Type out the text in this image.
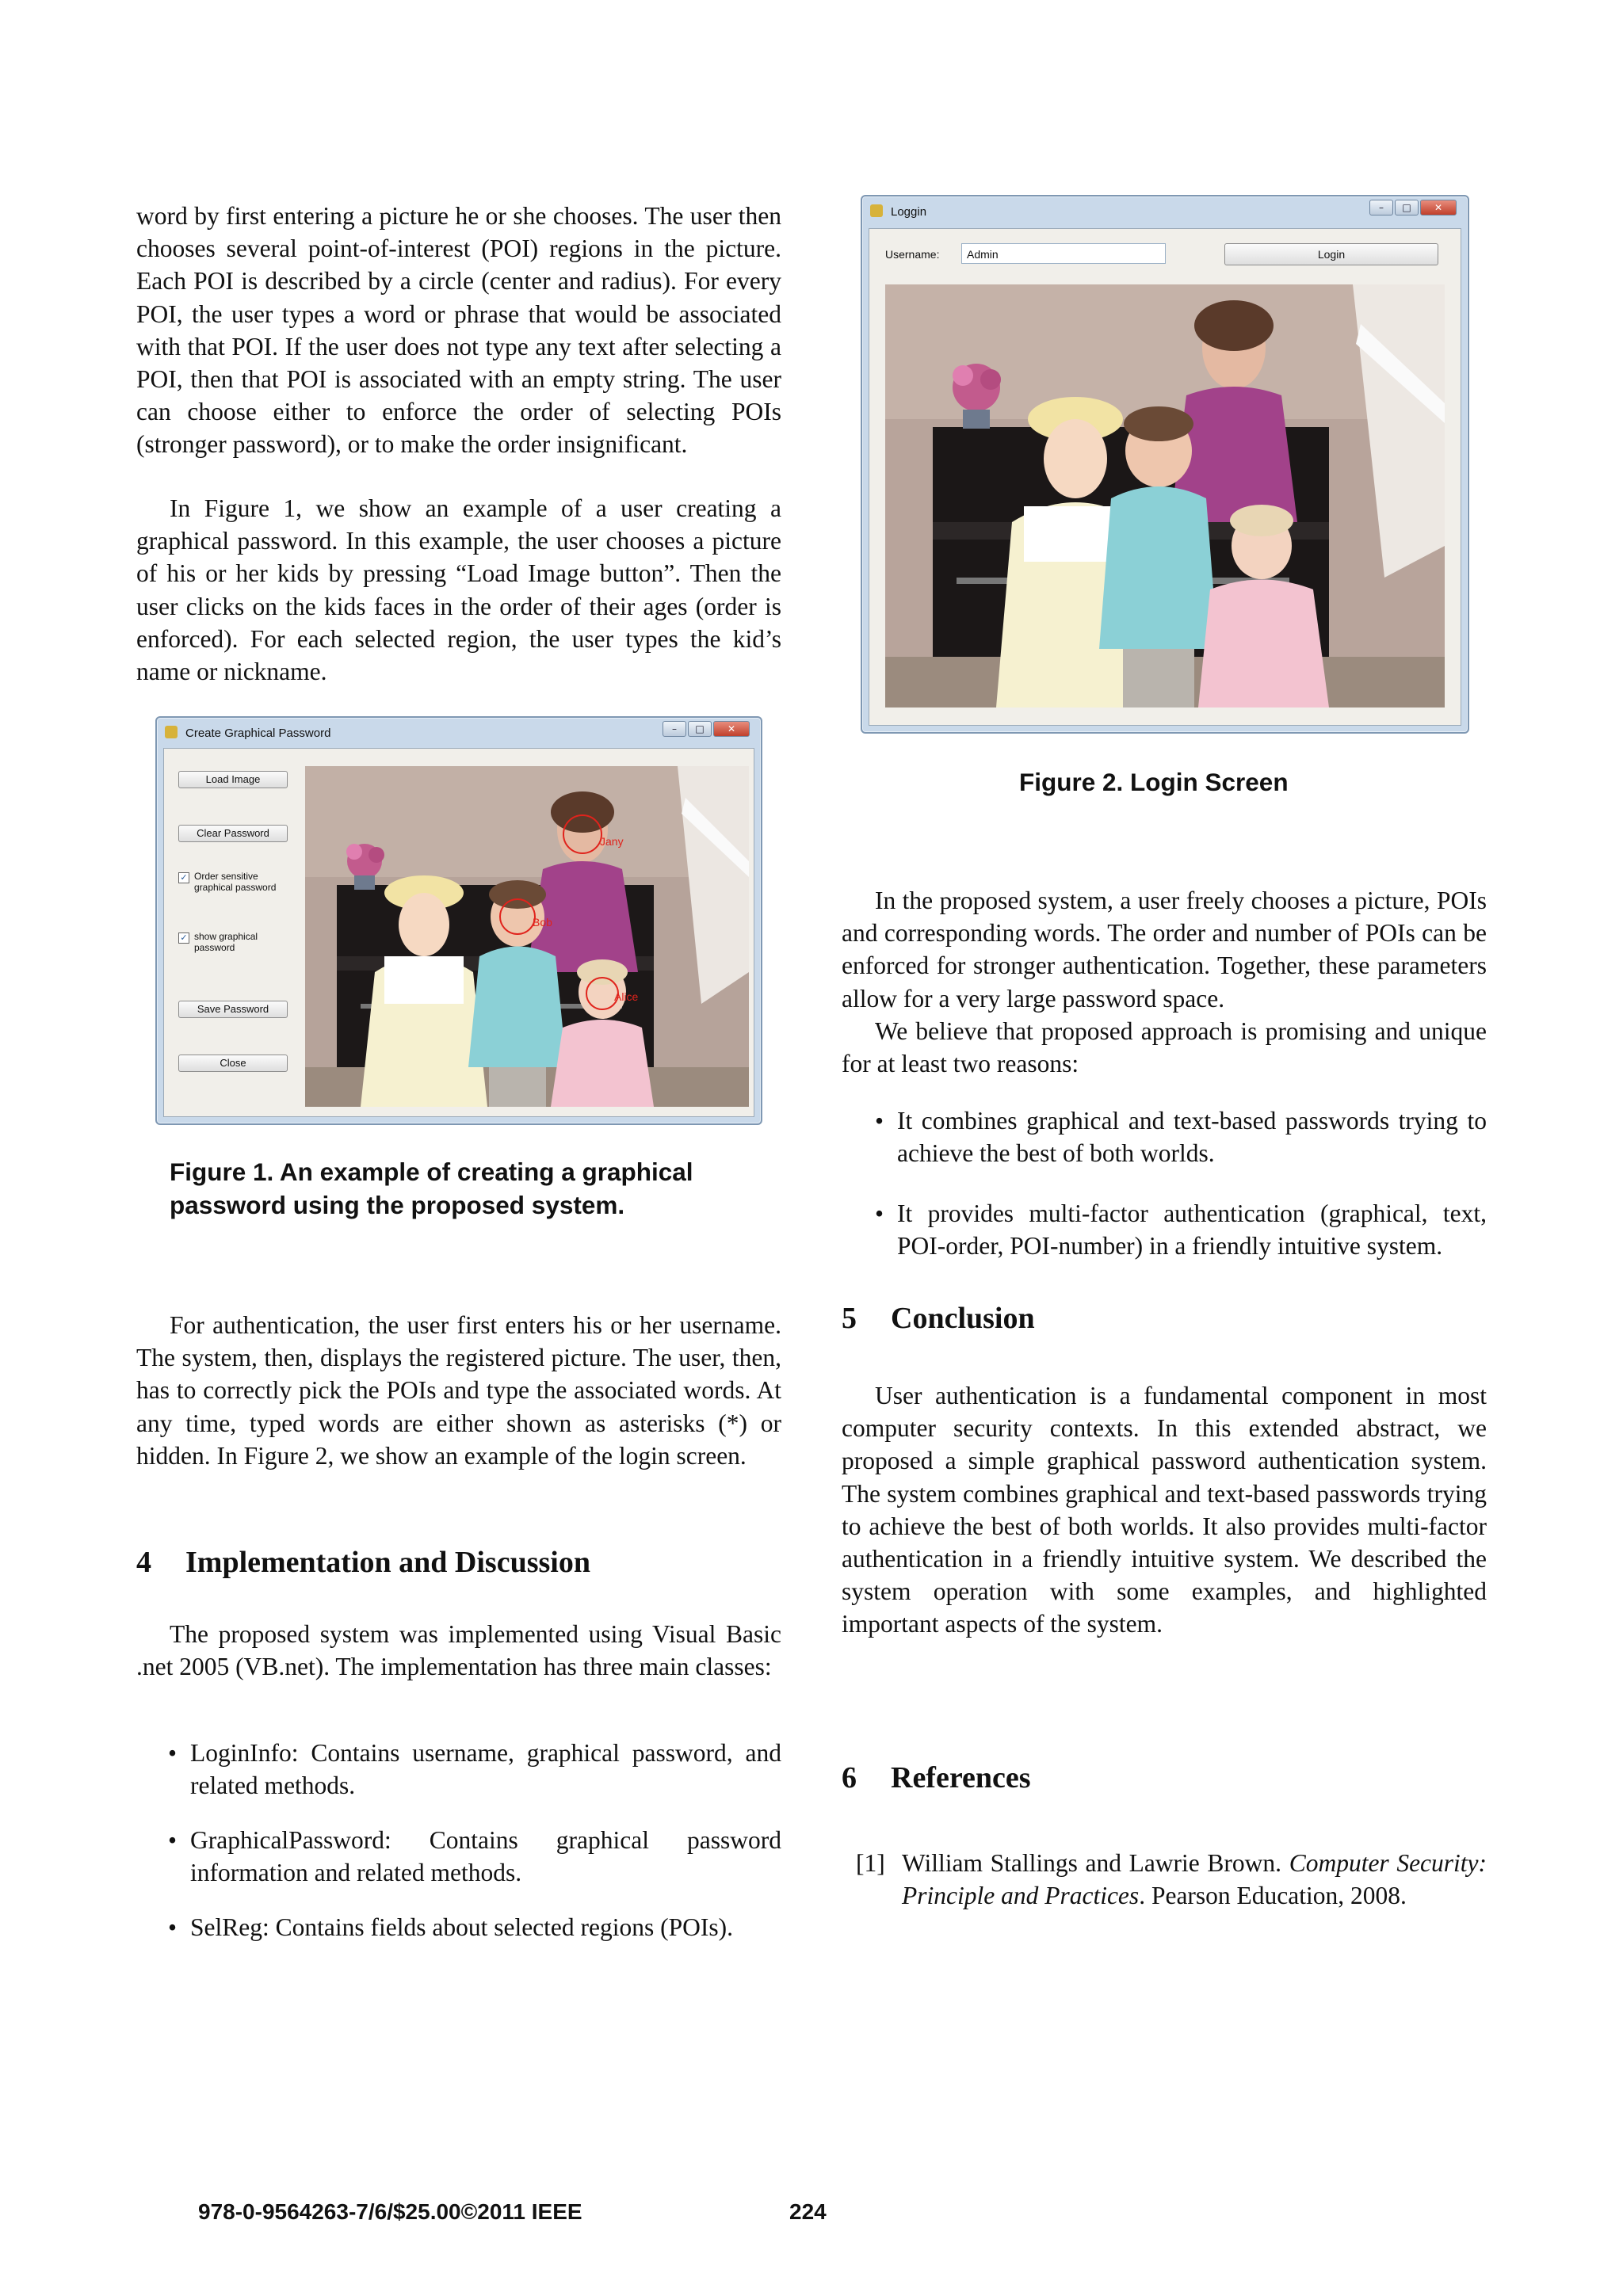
word by first entering a picture he or she chooses. The user then chooses several point-of-interest (POI) regions in the picture. Each POI is described by a circle (center and radius). For every POI, the user types a word or phrase that would be associated with that POI. If the user does not type any text after selecting a POI, then that POI is associated with an empty string. The user can choose either to enforce the order of selecting POIs (stronger password), or to make the order insignificant.

In Figure 1, we show an example of a user creating a graphical password. In this example, the user chooses a picture of his or her kids by pressing “Load Image button”. Then the user clicks on the kids faces in the order of their ages (order is enforced). For each selected region, the user types the kid’s name or nickname.

Create Graphical Password	–	□	✕
Load Image
Clear Password
✓ Order sensitive
graphical password
✓ show graphical
password
Save Password
Close
Jany
Bob
Alice
Figure 1. An example of creating a graphical
password using the proposed system.

For authentication, the user first enters his or her username. The system, then, displays the registered picture. The user, then, has to correctly pick the POIs and type the associated words. At any time, typed words are either shown as asterisks (*) or hidden. In Figure 2, we show an example of the login screen.

4 Implementation and Discussion

The proposed system was implemented using Visual Basic .net 2005 (VB.net). The implementation has three main classes:

• LoginInfo: Contains username, graphical password, and related methods.
• GraphicalPassword: Contains graphical password information and related methods.
• SelReg: Contains fields about selected regions (POIs).
Loggin	–	□	✕
Username:	Admin	Login
Figure 2. Login Screen

In the proposed system, a user freely chooses a picture, POIs and corresponding words. The order and number of POIs can be enforced for stronger authentication. Together, these parameters allow for a very large password space.

We believe that proposed approach is promising and unique for at least two reasons:

• It combines graphical and text-based passwords trying to achieve the best of both worlds.
• It provides multi-factor authentication (graphical, text, POI-order, POI-number) in a friendly intuitive system.
5 Conclusion

User authentication is a fundamental component in most computer security contexts. In this extended abstract, we proposed a simple graphical password authentication system. The system combines graphical and text-based passwords trying to achieve the best of both worlds. It also provides multi-factor authentication in a friendly intuitive system. We described the system operation with some examples, and highlighted important aspects of the system.

6 References
[1] William Stallings and Lawrie Brown. Computer Security: Principle and Practices. Pearson Education, 2008.
978-0-9564263-7/6/$25.00©2011 IEEE	224
